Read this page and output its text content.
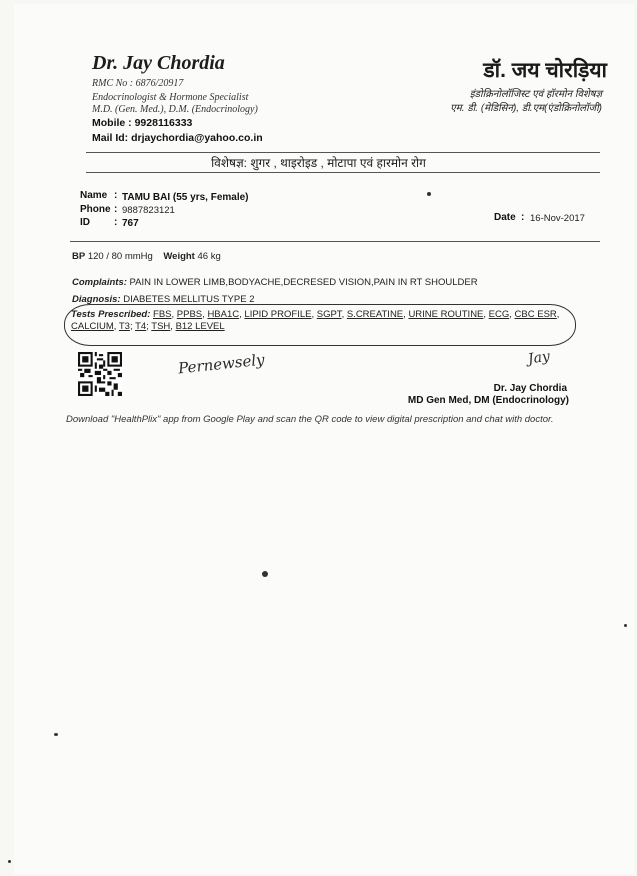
Dr. Jay Chordia
RMC No : 6876/20917
Endocrinologist & Hormone Specialist
M.D. (Gen. Med.), D.M. (Endocrinology)
Mobile : 9928116333
Mail Id: drjaychordia@yahoo.co.in
डॉ. जय चोरड़िया
इंडोक्रिनोलॉजिस्ट एवं हॉरमोन विशेषज्ञ
एम. डी. (मेडिसिन), डी.एम(एंडोक्रिनोलॉजी)
विशेषज्ञ: शुगर , थाइरोइड , मोटापा एवं हारमोन रोग
Name : TAMU BAI (55 yrs, Female)
Phone : 9887823121
ID : 767
Date : 16-Nov-2017
BP 120 / 80 mmHg Weight 46 kg
Complaints: PAIN IN LOWER LIMB,BODYACHE,DECRESED VISION,PAIN IN RT SHOULDER
Diagnosis: DIABETES MELLITUS TYPE 2
Tests Prescribed: FBS, PPBS, HBA1C, LIPID PROFILE, SGPT, S.CREATINE, URINE ROUTINE, ECG, CBC ESR, CALCIUM, T3; T4; TSH, B12 LEVEL
Pernewsely	Jay
Dr. Jay Chordia
MD Gen Med, DM (Endocrinology)
Download "HealthPlix" app from Google Play and scan the QR code to view digital prescription and chat with doctor.
